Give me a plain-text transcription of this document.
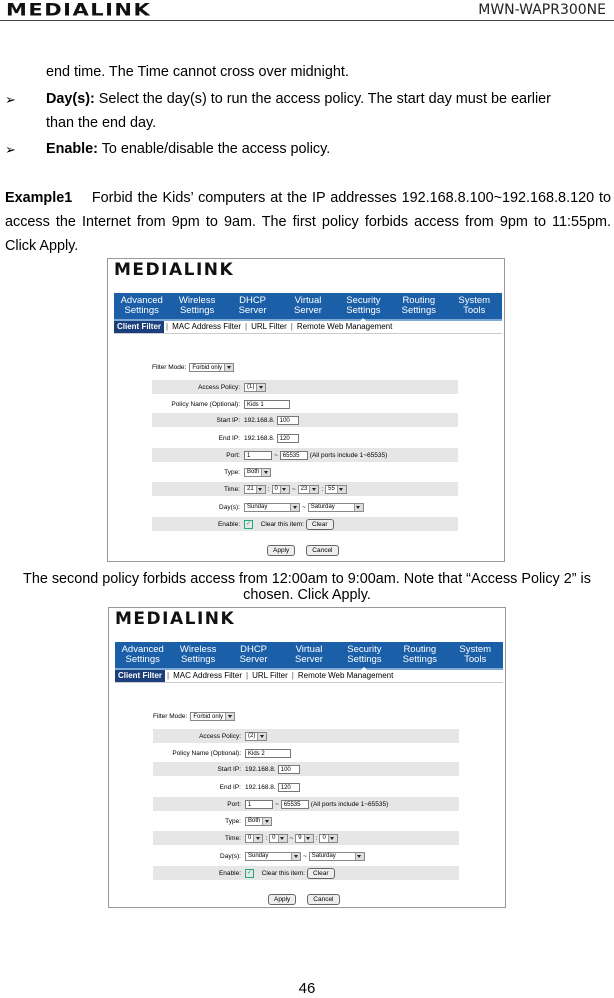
MEDIALINK	MWN-WAPR300NE
end time. The Time cannot cross over midnight.
➢ Day(s): Select the day(s) to run the access policy. The start day must be earlier
than the end day.
➢ Enable: To enable/disable the access policy.
Example1 Forbid the Kids’ computers at the IP addresses 192.168.8.100~192.168.8.120 to access the Internet from 9pm to 9am. The first policy forbids access from 9pm to 11:55pm. Click Apply.
MEDIALINK
Advanced
Settings
Wireless
Settings
DHCP
Server
Virtual
Server
Security
Settings
Routing
Settings
System
Tools
Client Filter | MAC Address Filter | URL Filter | Remote Web Management
Filter Mode: Forbid only
Access Policy:	(1)
Policy Name (Optional):	Kids 1
Start IP: 192.168.8. 100
End IP: 192.168.8. 120
Port:	1	~ 65535	(All ports include 1~65535)
Type:	Both
Time:	21 : 0 ~ 23 : 55
Day(s):	Sunday	~ Saturday
Enable: ✓
	Clear this item:	Clear
Apply	Cancel
The second policy forbids access from 12:00am to 9:00am. Note that “Access Policy 2” is chosen. Click Apply.
MEDIALINK
Advanced
Settings
Wireless
Settings
DHCP
Server
Virtual
Server
Security
Settings
Routing
Settings
System
Tools
Client Filter | MAC Address Filter | URL Filter | Remote Web Management
Filter Mode: Forbid only
Access Policy:	(2)
Policy Name (Optional):	Kids 2
Start IP: 192.168.8. 100
End IP: 192.168.8. 120
Port:	1	~ 65535	(All ports include 1~65535)
Type:	Both
Time:	0 : 0 ~ 9 : 0
Day(s):	Sunday	~ Saturday
Enable: ✓
	Clear this item:	Clear
Apply	Cancel
46
